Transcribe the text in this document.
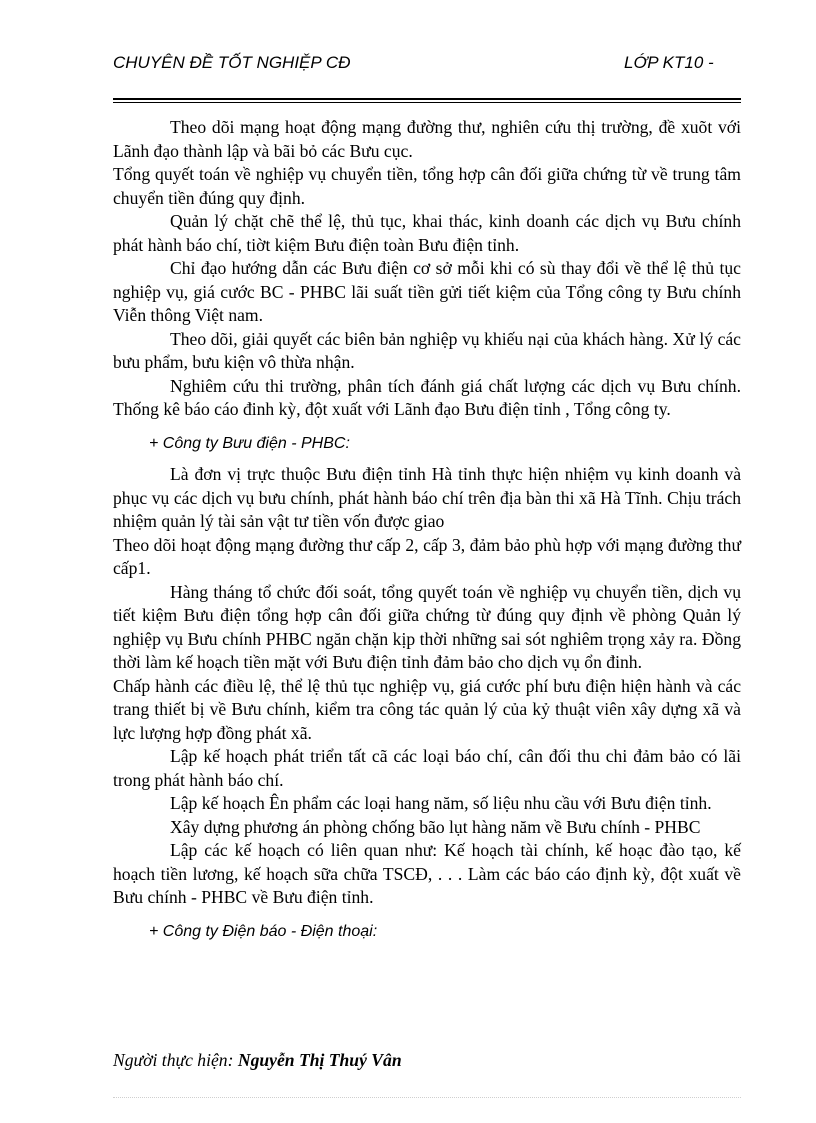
CHUYÊN ĐỀ TỐT NGHIỆP CĐ	LỚP KT10 -

Theo dõi mạng hoạt động mạng đường thư, nghiên cứu thị trường, đề xuõt với Lãnh đạo thành lập và bãi bỏ các Bưu cục.

Tổng quyết toán về nghiệp vụ chuyển tiền, tổng hợp cân đối giữa chứng từ về trung tâm chuyển tiền đúng quy định.

Quản lý chặt chẽ thể lệ, thủ tục, khai thác, kinh doanh các dịch vụ Bưu chính phát hành báo chí, tiờt kiệm Bưu điện toàn Bưu điện tỉnh.

Chỉ đạo hướng dẫn các Bưu điện cơ sở mỗi khi có sù thay đổi về thể lệ thủ tục nghiệp vụ, giá cước BC - PHBC lãi suất tiền gửi tiết kiệm của Tổng công ty Bưu chính Viễn thông Việt nam.

Theo dõi, giải quyết các biên bản nghiệp vụ khiếu nại của khách hàng. Xử lý các bưu phẩm, bưu kiện vô thừa nhận.

Nghiêm cứu thi trường, phân tích đánh giá chất lượng các dịch vụ Bưu chính. Thống kê báo cáo đinh kỳ, đột xuất với Lãnh đạo Bưu điện tỉnh , Tổng công ty.

+ Công ty Bưu điện - PHBC:

Là đơn vị trực thuộc Bưu điện tỉnh Hà tỉnh thực hiện nhiệm vụ kinh doanh và phục vụ các dịch vụ bưu chính, phát hành báo chí trên địa bàn thi xã Hà Tĩnh. Chịu trách nhiệm quản lý tài sản vật tư tiền vốn được giao

Theo dõi hoạt động mạng đường thư cấp 2, cấp 3, đảm bảo phù hợp với mạng đường thư cấp1.

Hàng tháng tổ chức đối soát, tổng quyết toán về nghiệp vụ chuyển tiền, dịch vụ tiết kiệm Bưu điện tổng hợp cân đối giữa chứng từ đúng quy định về phòng Quản lý nghiệp vụ Bưu chính PHBC ngăn chặn kịp thời những sai sót nghiêm trọng xảy ra. Đồng thời làm kế hoạch tiền mặt với Bưu điện tỉnh đảm bảo cho dịch vụ ổn đinh.

Chấp hành các điều lệ, thể lệ thủ tục nghiệp vụ, giá cước phí bưu điện hiện hành và các trang thiết bị về Bưu chính, kiểm tra công tác quản lý của kỷ thuật viên xây dựng xã và lực lượng hợp đồng phát xã.

Lập kế hoạch phát triển tất cã các loại báo chí, cân đối thu chi đảm bảo có lãi trong phát hành báo chí.

Lập kế hoạch Ên phẩm các loại hang năm, số liệu nhu cầu với Bưu điện tỉnh.

Xây dựng phương án phòng chống bão lụt hàng năm về Bưu chính - PHBC

Lập các kế hoạch có liên quan như: Kế hoạch tài chính, kế hoạc đào tạo, kế hoạch tiền lương, kế hoạch sữa chữa TSCĐ, . . . Làm các báo cáo định kỳ, đột xuất về Bưu chính - PHBC về Bưu điện tỉnh.

+ Công ty Điện báo - Điện thoại:

Người thực hiện: Nguyễn Thị Thuý Vân
